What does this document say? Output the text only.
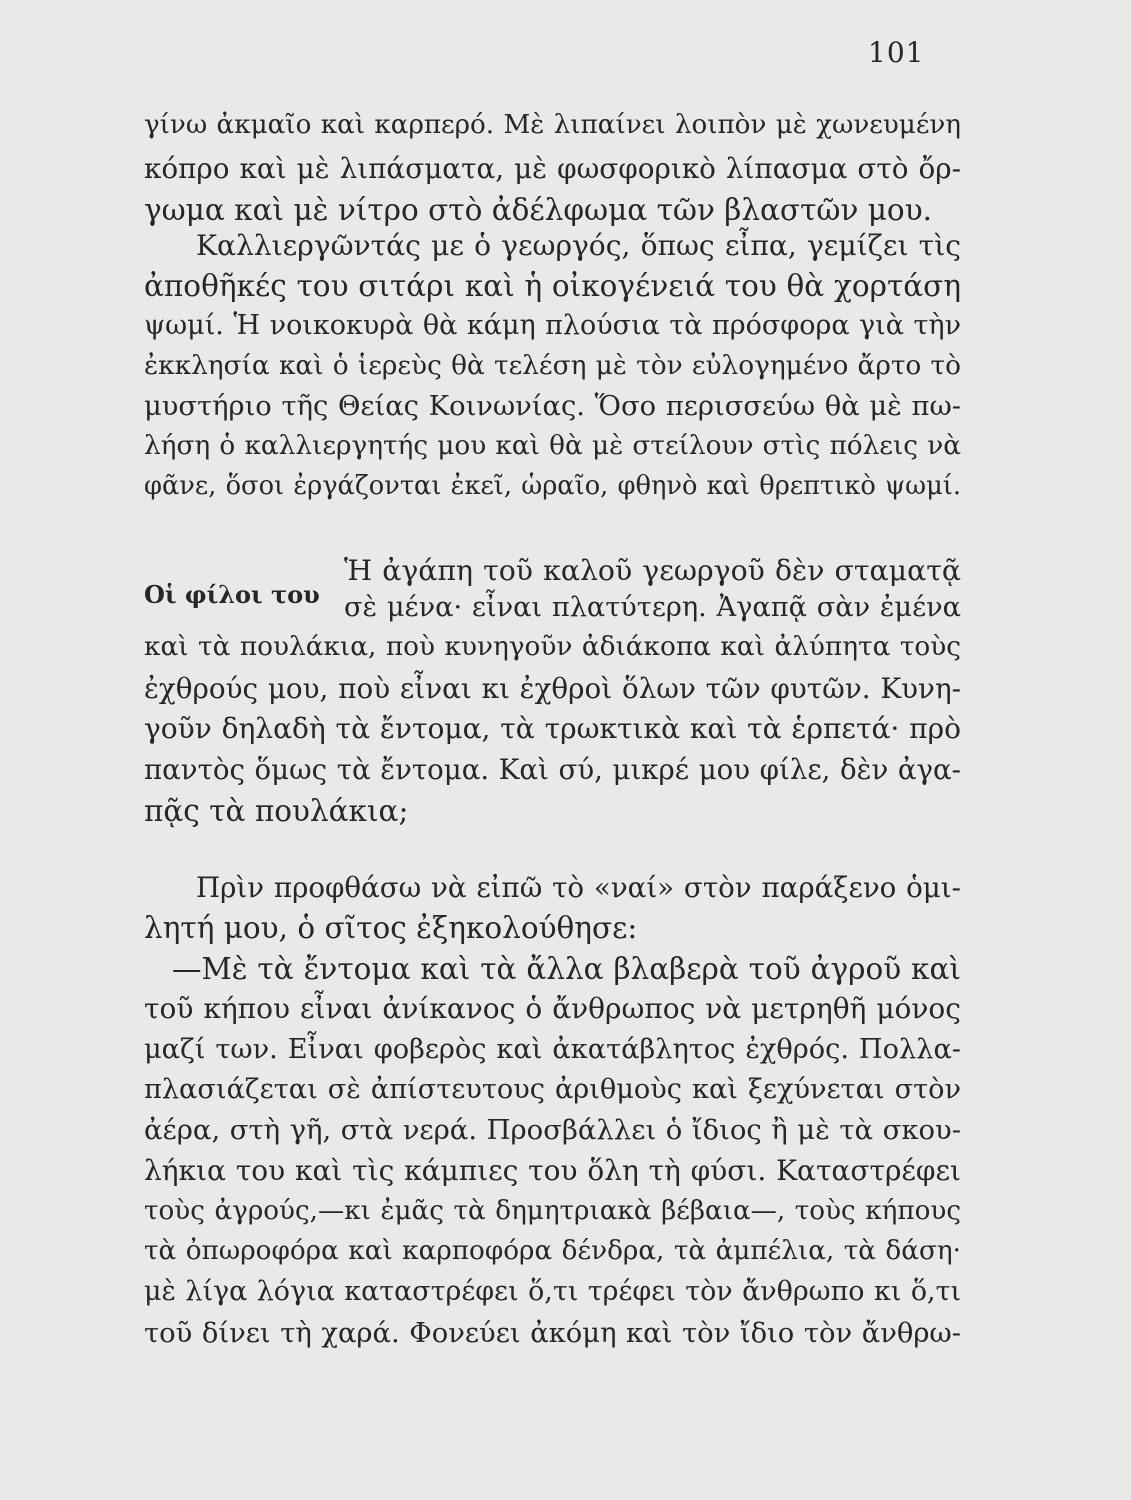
101
γίνω ἀκμαῖο καὶ καρπερό. Μὲ λιπαίνει λοιπὸν μὲ χωνευμένη
κόπρο καὶ μὲ λιπάσματα, μὲ φωσφορικὸ λίπασμα στὸ ὄρ-
γωμα καὶ μὲ νίτρο στὸ ἀδέλφωμα τῶν βλαστῶν μου.
Καλλιεργῶντάς με ὁ γεωργός, ὅπως εἶπα, γεμίζει τὶς
ἀποθῆκές του σιτάρι καὶ ἡ οἰκογένειά του θὰ χορτάση
ψωμί. Ἡ νοικοκυρὰ θὰ κάμη πλούσια τὰ πρόσφορα γιὰ τὴν
ἐκκλησία καὶ ὁ ἱερεὺς θὰ τελέση μὲ τὸν εὐλογημένο ἄρτο τὸ
μυστήριο τῆς Θείας Κοινωνίας. Ὅσο περισσεύω θὰ μὲ πω-
λήση ὁ καλλιεργητής μου καὶ θὰ μὲ στείλουν στὶς πόλεις νὰ
φᾶνε, ὅσοι ἐργάζονται ἐκεῖ, ὡραῖο, φθηνὸ καὶ θρεπτικὸ ψωμί.
Οἱ φίλοι του
Ἡ ἀγάπη τοῦ καλοῦ γεωργοῦ δὲν σταματᾷ
σὲ μένα· εἶναι πλατύτερη. Ἀγαπᾷ σὰν ἐμένα
καὶ τὰ πουλάκια, ποὺ κυνηγοῦν ἀδιάκοπα καὶ ἀλύπητα τοὺς
ἐχθρούς μου, ποὺ εἶναι κι ἐχθροὶ ὅλων τῶν φυτῶν. Κυνη-
γοῦν δηλαδὴ τὰ ἔντομα, τὰ τρωκτικὰ καὶ τὰ ἑρπετά· πρὸ
παντὸς ὅμως τὰ ἔντομα. Καὶ σύ, μικρέ μου φίλε, δὲν ἀγα-
πᾷς τὰ πουλάκια;
Πρὶν προφθάσω νὰ εἰπῶ τὸ «ναί» στὸν παράξενο ὁμι-
λητή μου, ὁ σῖτος ἐξηκολούθησε:
—Μὲ τὰ ἔντομα καὶ τὰ ἄλλα βλαβερὰ τοῦ ἀγροῦ καὶ
τοῦ κήπου εἶναι ἀνίκανος ὁ ἄνθρωπος νὰ μετρηθῆ μόνος
μαζί των. Εἶναι φοβερὸς καὶ ἀκατάβλητος ἐχθρός. Πολλα-
πλασιάζεται σὲ ἀπίστευτους ἀριθμοὺς καὶ ξεχύνεται στὸν
ἀέρα, στὴ γῆ, στὰ νερά. Προσβάλλει ὁ ἴδιος ἢ μὲ τὰ σκου-
λήκια του καὶ τὶς κάμπιες του ὅλη τὴ φύσι. Καταστρέφει
τοὺς ἀγρούς,—κι ἐμᾶς τὰ δημητριακὰ βέβαια—, τοὺς κήπους
τὰ ὀπωροφόρα καὶ καρποφόρα δένδρα, τὰ ἀμπέλια, τὰ δάση·
μὲ λίγα λόγια καταστρέφει ὅ,τι τρέφει τὸν ἄνθρωπο κι ὅ,τι
τοῦ δίνει τὴ χαρά. Φονεύει ἀκόμη καὶ τὸν ἴδιο τὸν ἄνθρω-
